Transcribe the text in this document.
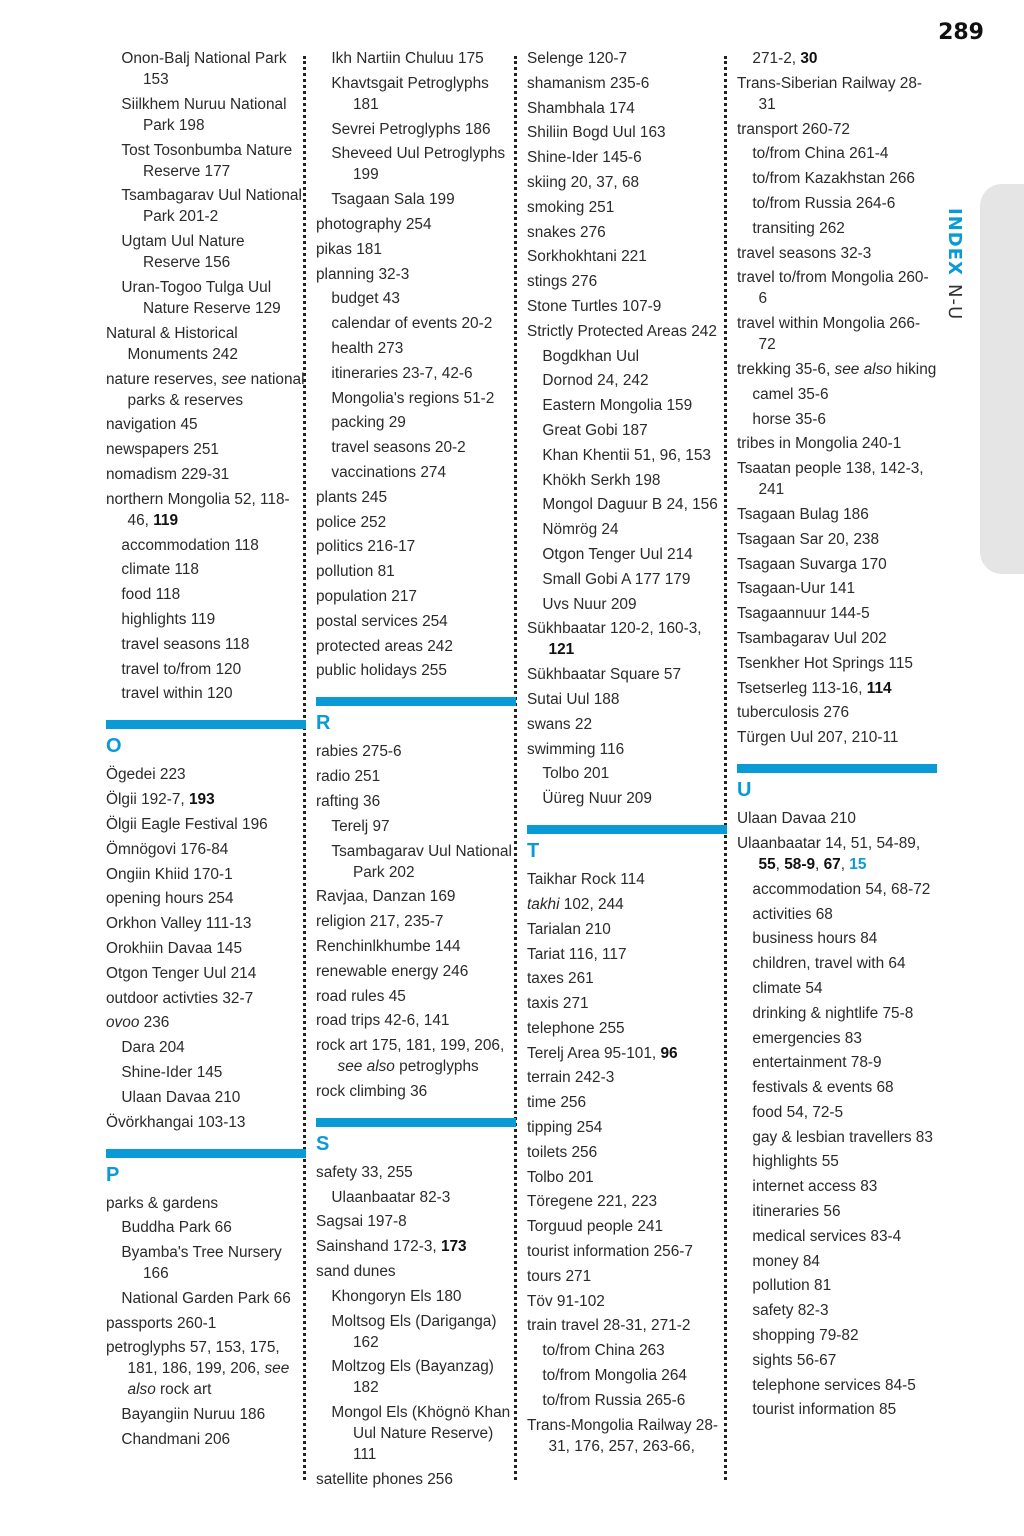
289
INDEXN-U
Onon-Balj National Park 153
Siilkhem Nuruu National Park 198
Tost Tosonbumba Nature Reserve 177
Tsambagarav Uul National Park 201-2
Ugtam Uul Nature Reserve 156
Uran-Togoo Tulga Uul Nature Reserve 129
Natural & Historical Monuments 242
nature reserves, see national parks & reserves
navigation 45
newspapers 251
nomadism 229-31
northern Mongolia 52, 118-46, 119
accommodation 118
climate 118
food 118
highlights 119
travel seasons 118
travel to/from 120
travel within 120
O
Ögedei 223
Ölgii 192-7, 193
Ölgii Eagle Festival 196
Ömnögovi 176-84
Ongiin Khiid 170-1
opening hours 254
Orkhon Valley 111-13
Orokhiin Davaa 145
Otgon Tenger Uul 214
outdoor activties 32-7
ovoo 236
Dara 204
Shine-Ider 145
Ulaan Davaa 210
Övörkhangai 103-13
P
parks & gardens
Buddha Park 66
Byamba's Tree Nursery 166
National Garden Park 66
passports 260-1
petroglyphs 57, 153, 175, 181, 186, 199, 206, see also rock art
Bayangiin Nuruu 186
Chandmani 206
Ikh Nartiin Chuluu 175
Khavtsgait Petroglyphs 181
Sevrei Petroglyphs 186
Sheveed Uul Petroglyphs 199
Tsagaan Sala 199
photography 254
pikas 181
planning 32-3
budget 43
calendar of events 20-2
health 273
itineraries 23-7, 42-6
Mongolia's regions 51-2
packing 29
travel seasons 20-2
vaccinations 274
plants 245
police 252
politics 216-17
pollution 81
population 217
postal services 254
protected areas 242
public holidays 255
R
rabies 275-6
radio 251
rafting 36
Terelj 97
Tsambagarav Uul National Park 202
Ravjaa, Danzan 169
religion 217, 235-7
Renchinlkhumbe 144
renewable energy 246
road rules 45
road trips 42-6, 141
rock art 175, 181, 199, 206, see also petroglyphs
rock climbing 36
S
safety 33, 255
Ulaanbaatar 82-3
Sagsai 197-8
Sainshand 172-3, 173
sand dunes
Khongoryn Els 180
Moltsog Els (Dariganga) 162
Moltzog Els (Bayanzag) 182
Mongol Els (Khögnö Khan Uul Nature Reserve) 111
satellite phones 256
Selenge 120-7
shamanism 235-6
Shambhala 174
Shiliin Bogd Uul 163
Shine-Ider 145-6
skiing 20, 37, 68
smoking 251
snakes 276
Sorkhokhtani 221
stings 276
Stone Turtles 107-9
Strictly Protected Areas 242
Bogdkhan Uul
Dornod 24, 242
Eastern Mongolia 159
Great Gobi 187
Khan Khentii 51, 96, 153
Khökh Serkh 198
Mongol Daguur B 24, 156
Nömrög 24
Otgon Tenger Uul 214
Small Gobi A 177 179
Uvs Nuur 209
Sükhbaatar 120-2, 160-3, 121
Sükhbaatar Square 57
Sutai Uul 188
swans 22
swimming 116
Tolbo 201
Üüreg Nuur 209
T
Taikhar Rock 114
takhi 102, 244
Tarialan 210
Tariat 116, 117
taxes 261
taxis 271
telephone 255
Terelj Area 95-101, 96
terrain 242-3
time 256
tipping 254
toilets 256
Tolbo 201
Töregene 221, 223
Torguud people 241
tourist information 256-7
tours 271
Töv 91-102
train travel 28-31, 271-2
to/from China 263
to/from Mongolia 264
to/from Russia 265-6
Trans-Mongolia Railway 28-31, 176, 257, 263-66,
271-2, 30
Trans-Siberian Railway 28-31
transport 260-72
to/from China 261-4
to/from Kazakhstan 266
to/from Russia 264-6
transiting 262
travel seasons 32-3
travel to/from Mongolia 260-6
travel within Mongolia 266-72
trekking 35-6, see also hiking
camel 35-6
horse 35-6
tribes in Mongolia 240-1
Tsaatan people 138, 142-3, 241
Tsagaan Bulag 186
Tsagaan Sar 20, 238
Tsagaan Suvarga 170
Tsagaan-Uur 141
Tsagaannuur 144-5
Tsambagarav Uul 202
Tsenkher Hot Springs 115
Tsetserleg 113-16, 114
tuberculosis 276
Türgen Uul 207, 210-11
U
Ulaan Davaa 210
Ulaanbaatar 14, 51, 54-89, 55, 58-9, 67, 15
accommodation 54, 68-72
activities 68
business hours 84
children, travel with 64
climate 54
drinking & nightlife 75-8
emergencies 83
entertainment 78-9
festivals & events 68
food 54, 72-5
gay & lesbian travellers 83
highlights 55
internet access 83
itineraries 56
medical services 83-4
money 84
pollution 81
safety 82-3
shopping 79-82
sights 56-67
telephone services 84-5
tourist information 85
